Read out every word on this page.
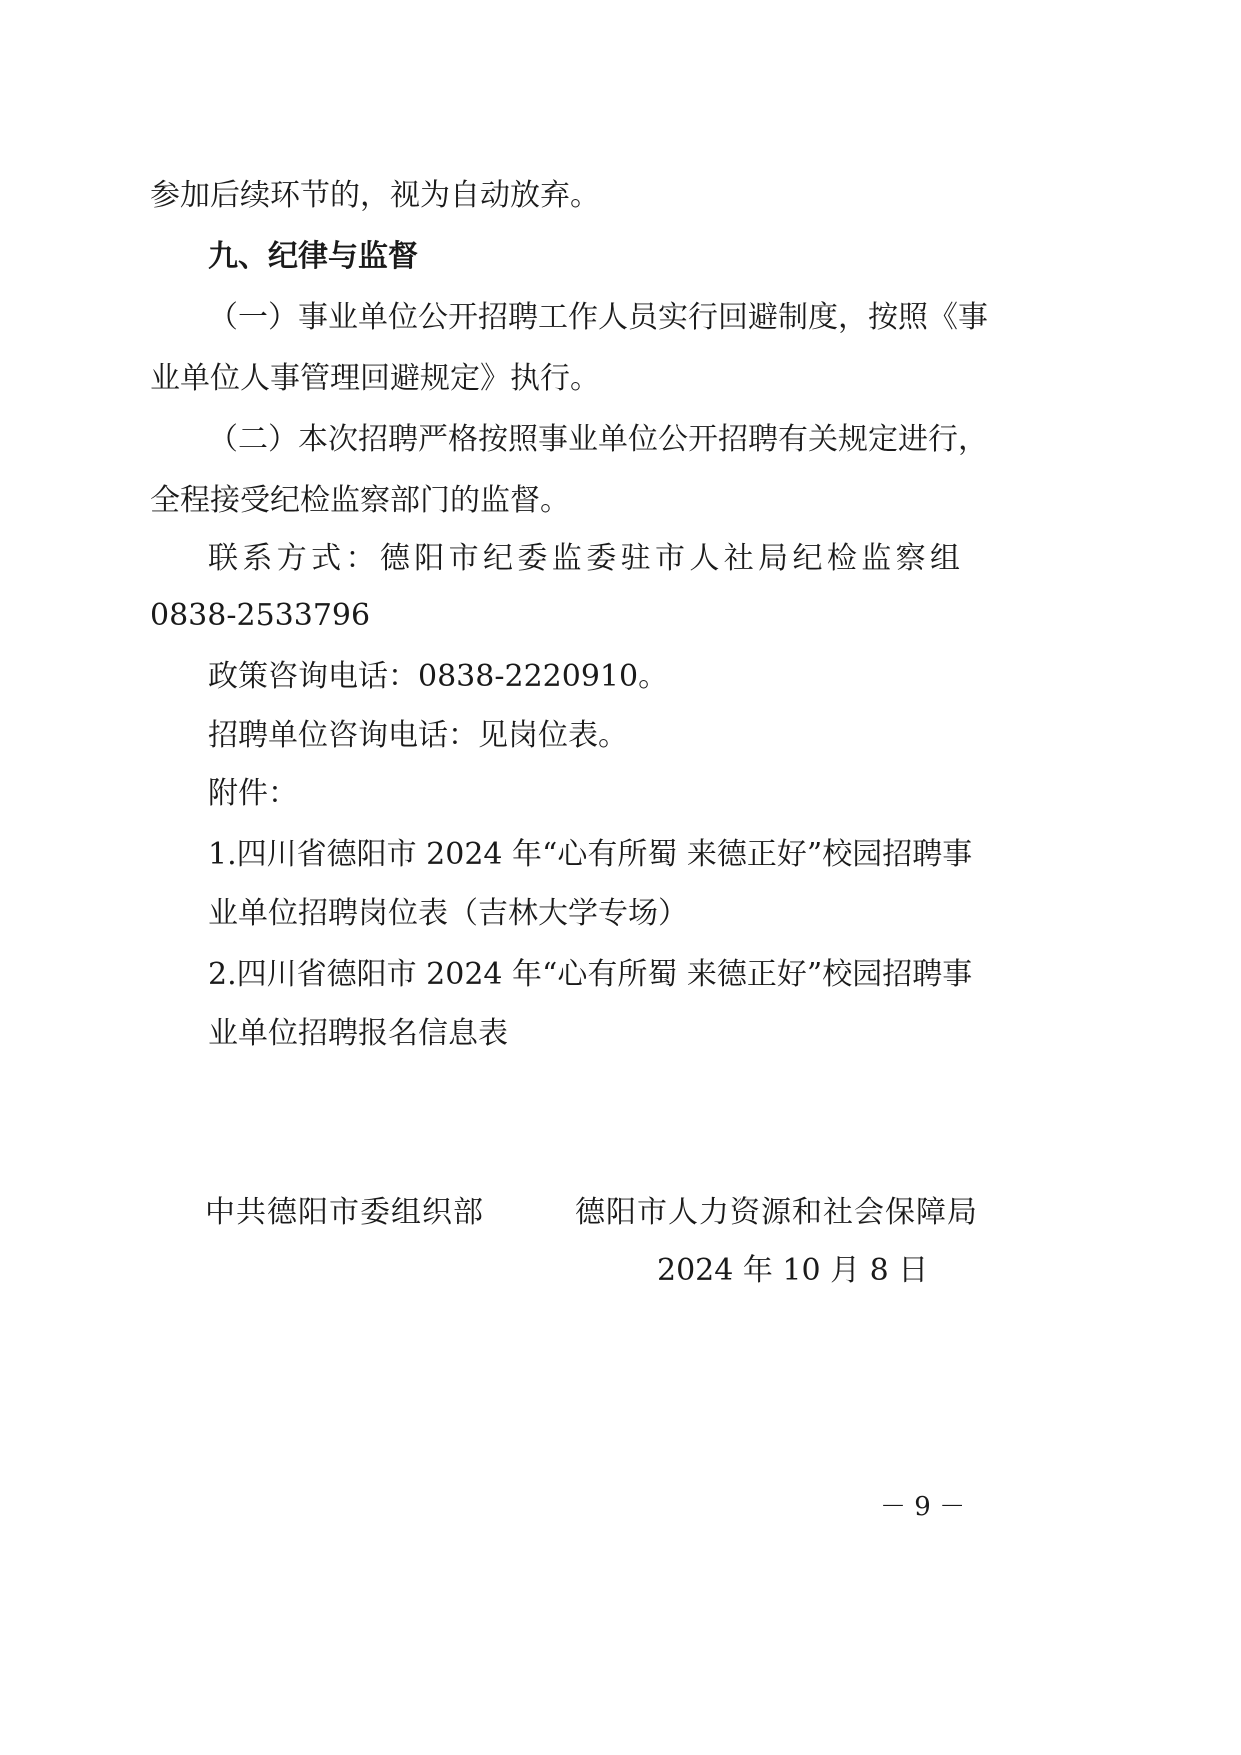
参加后续环节的，视为自动放弃。
九、纪律与监督
（一）事业单位公开招聘工作人员实行回避制度，按照《事
业单位人事管理回避规定》执行。
（二）本次招聘严格按照事业单位公开招聘有关规定进行，
全程接受纪检监察部门的监督。
联系方式：德阳市纪委监委驻市人社局纪检监察组
0838-2533796
政策咨询电话：0838-2220910。
招聘单位咨询电话：见岗位表。
附件：
1.四川省德阳市 2024 年“心有所蜀 来德正好”校园招聘事
业单位招聘岗位表（吉林大学专场）
2.四川省德阳市 2024 年“心有所蜀 来德正好”校园招聘事
业单位招聘报名信息表
中共德阳市委组织部	德阳市人力资源和社会保障局
2024 年 10 月 8 日
－ 9 －
